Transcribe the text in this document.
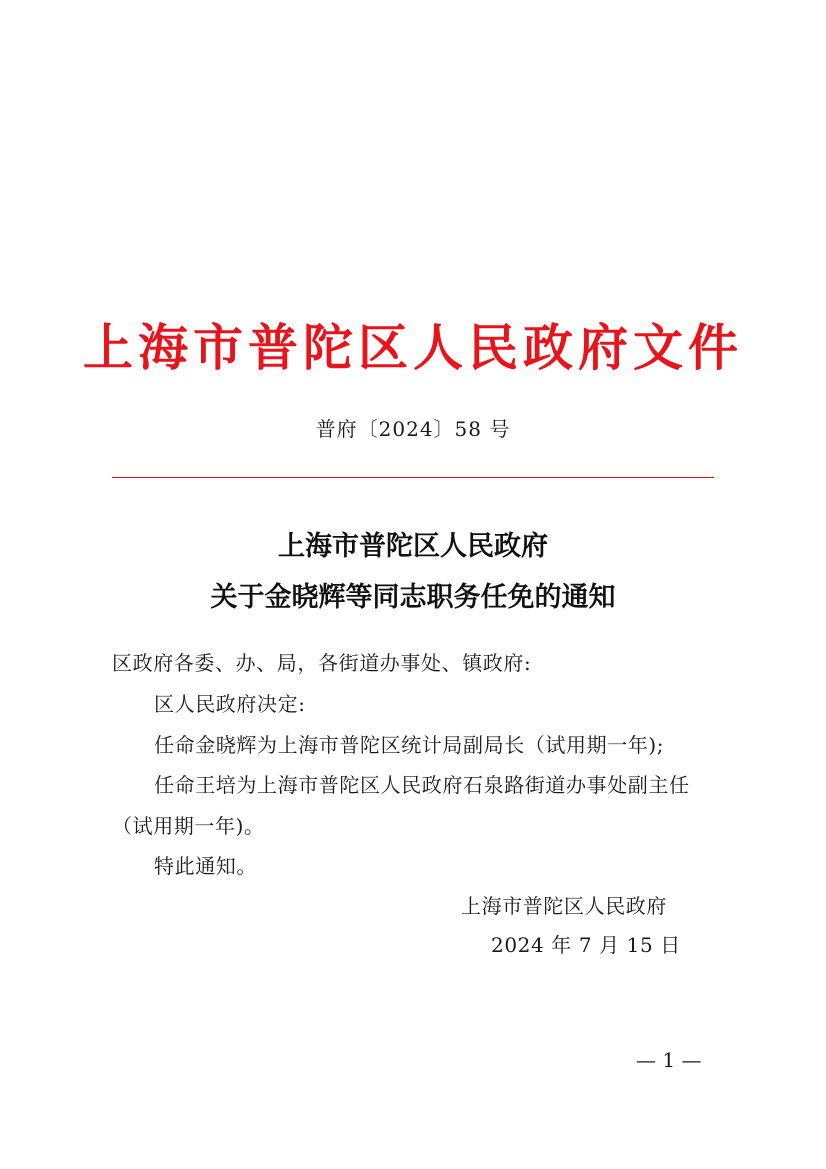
上海市普陀区人民政府文件
普府〔2024〕58 号
上海市普陀区人民政府
关于金晓辉等同志职务任免的通知
区政府各委、办、局，各街道办事处、镇政府:
区人民政府决定:
任命金晓辉为上海市普陀区统计局副局长（试用期一年);
任命王培为上海市普陀区人民政府石泉路街道办事处副主任
（试用期一年)。
特此通知。
上海市普陀区人民政府
2024 年 7 月 15 日
— 1 —
